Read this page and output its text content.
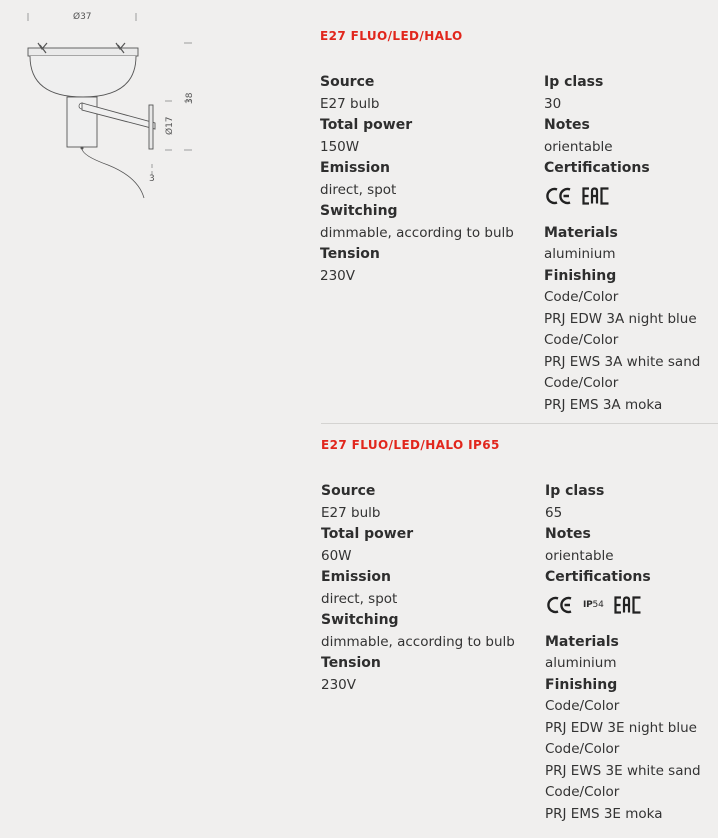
Ø37
38
Ø17
3
E27 FLUO/LED/HALO

Source

E27 bulb

Total power

150W

Emission

direct, spot

Switching

dimmable, according to bulb

Tension

230V

Ip class

30

Notes

orientable

Certifications

Materials

aluminium

Finishing

Code/Color

PRJ EDW 3A night blue

Code/Color

PRJ EWS 3A white sand

Code/Color

PRJ EMS 3A moka

E27 FLUO/LED/HALO IP65

Source

E27 bulb

Total power

60W

Emission

direct, spot

Switching

dimmable, according to bulb

Tension

230V

Ip class

65

Notes

orientable

Certifications

IP54

Materials

aluminium

Finishing

Code/Color

PRJ EDW 3E night blue

Code/Color

PRJ EWS 3E white sand

Code/Color

PRJ EMS 3E moka
